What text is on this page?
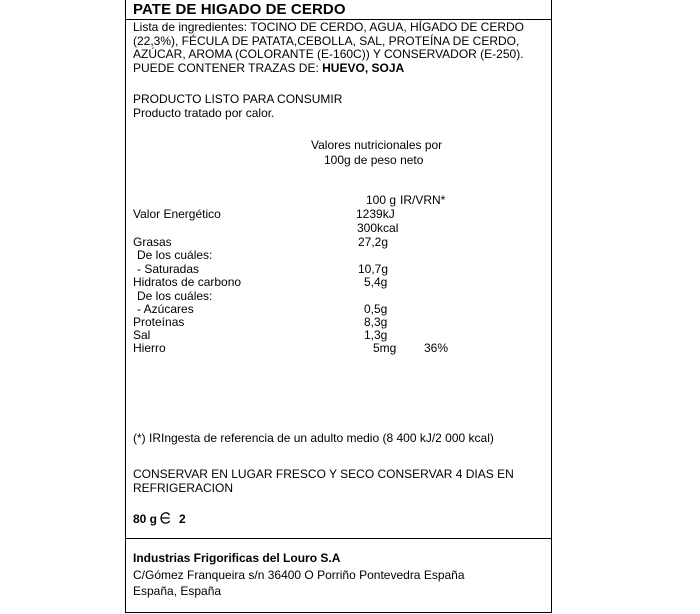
PATE DE HIGADO DE CERDO
Lista de ingredientes: TOCINO DE CERDO, AGUA, HÍGADO DE CERDO
(22,3%), FÉCULA DE PATATA,CEBOLLA, SAL, PROTEÍNA DE CERDO,
AZÚCAR, AROMA (COLORANTE (E-160C)) Y CONSERVADOR (E-250).
PUEDE CONTENER TRAZAS DE: HUEVO, SOJA
PRODUCTO LISTO PARA CONSUMIR
Producto tratado por calor.
Valores nutricionales por
100g de peso neto
100 g IR/VRN*
Valor Energético	1239kJ
300kcal
Grasas	27,2g
De los cuáles:
- Saturadas	10,7g
Hidratos de carbono	5,4g
De los cuáles:
- Azúcares	0,5g
Proteínas	8,3g
Sal	1,3g
Hierro	5mg 36%
(*) IRIngesta de referencia de un adulto medio (8 400 kJ/2 000 kcal)
CONSERVAR EN LUGAR FRESCO Y SECO CONSERVAR 4 DIAS EN
REFRIGERACION
80 g 2
Industrias Frigorificas del Louro S.A
C/Gómez Franqueira s/n 36400 O Porriño Pontevedra España
España, España
